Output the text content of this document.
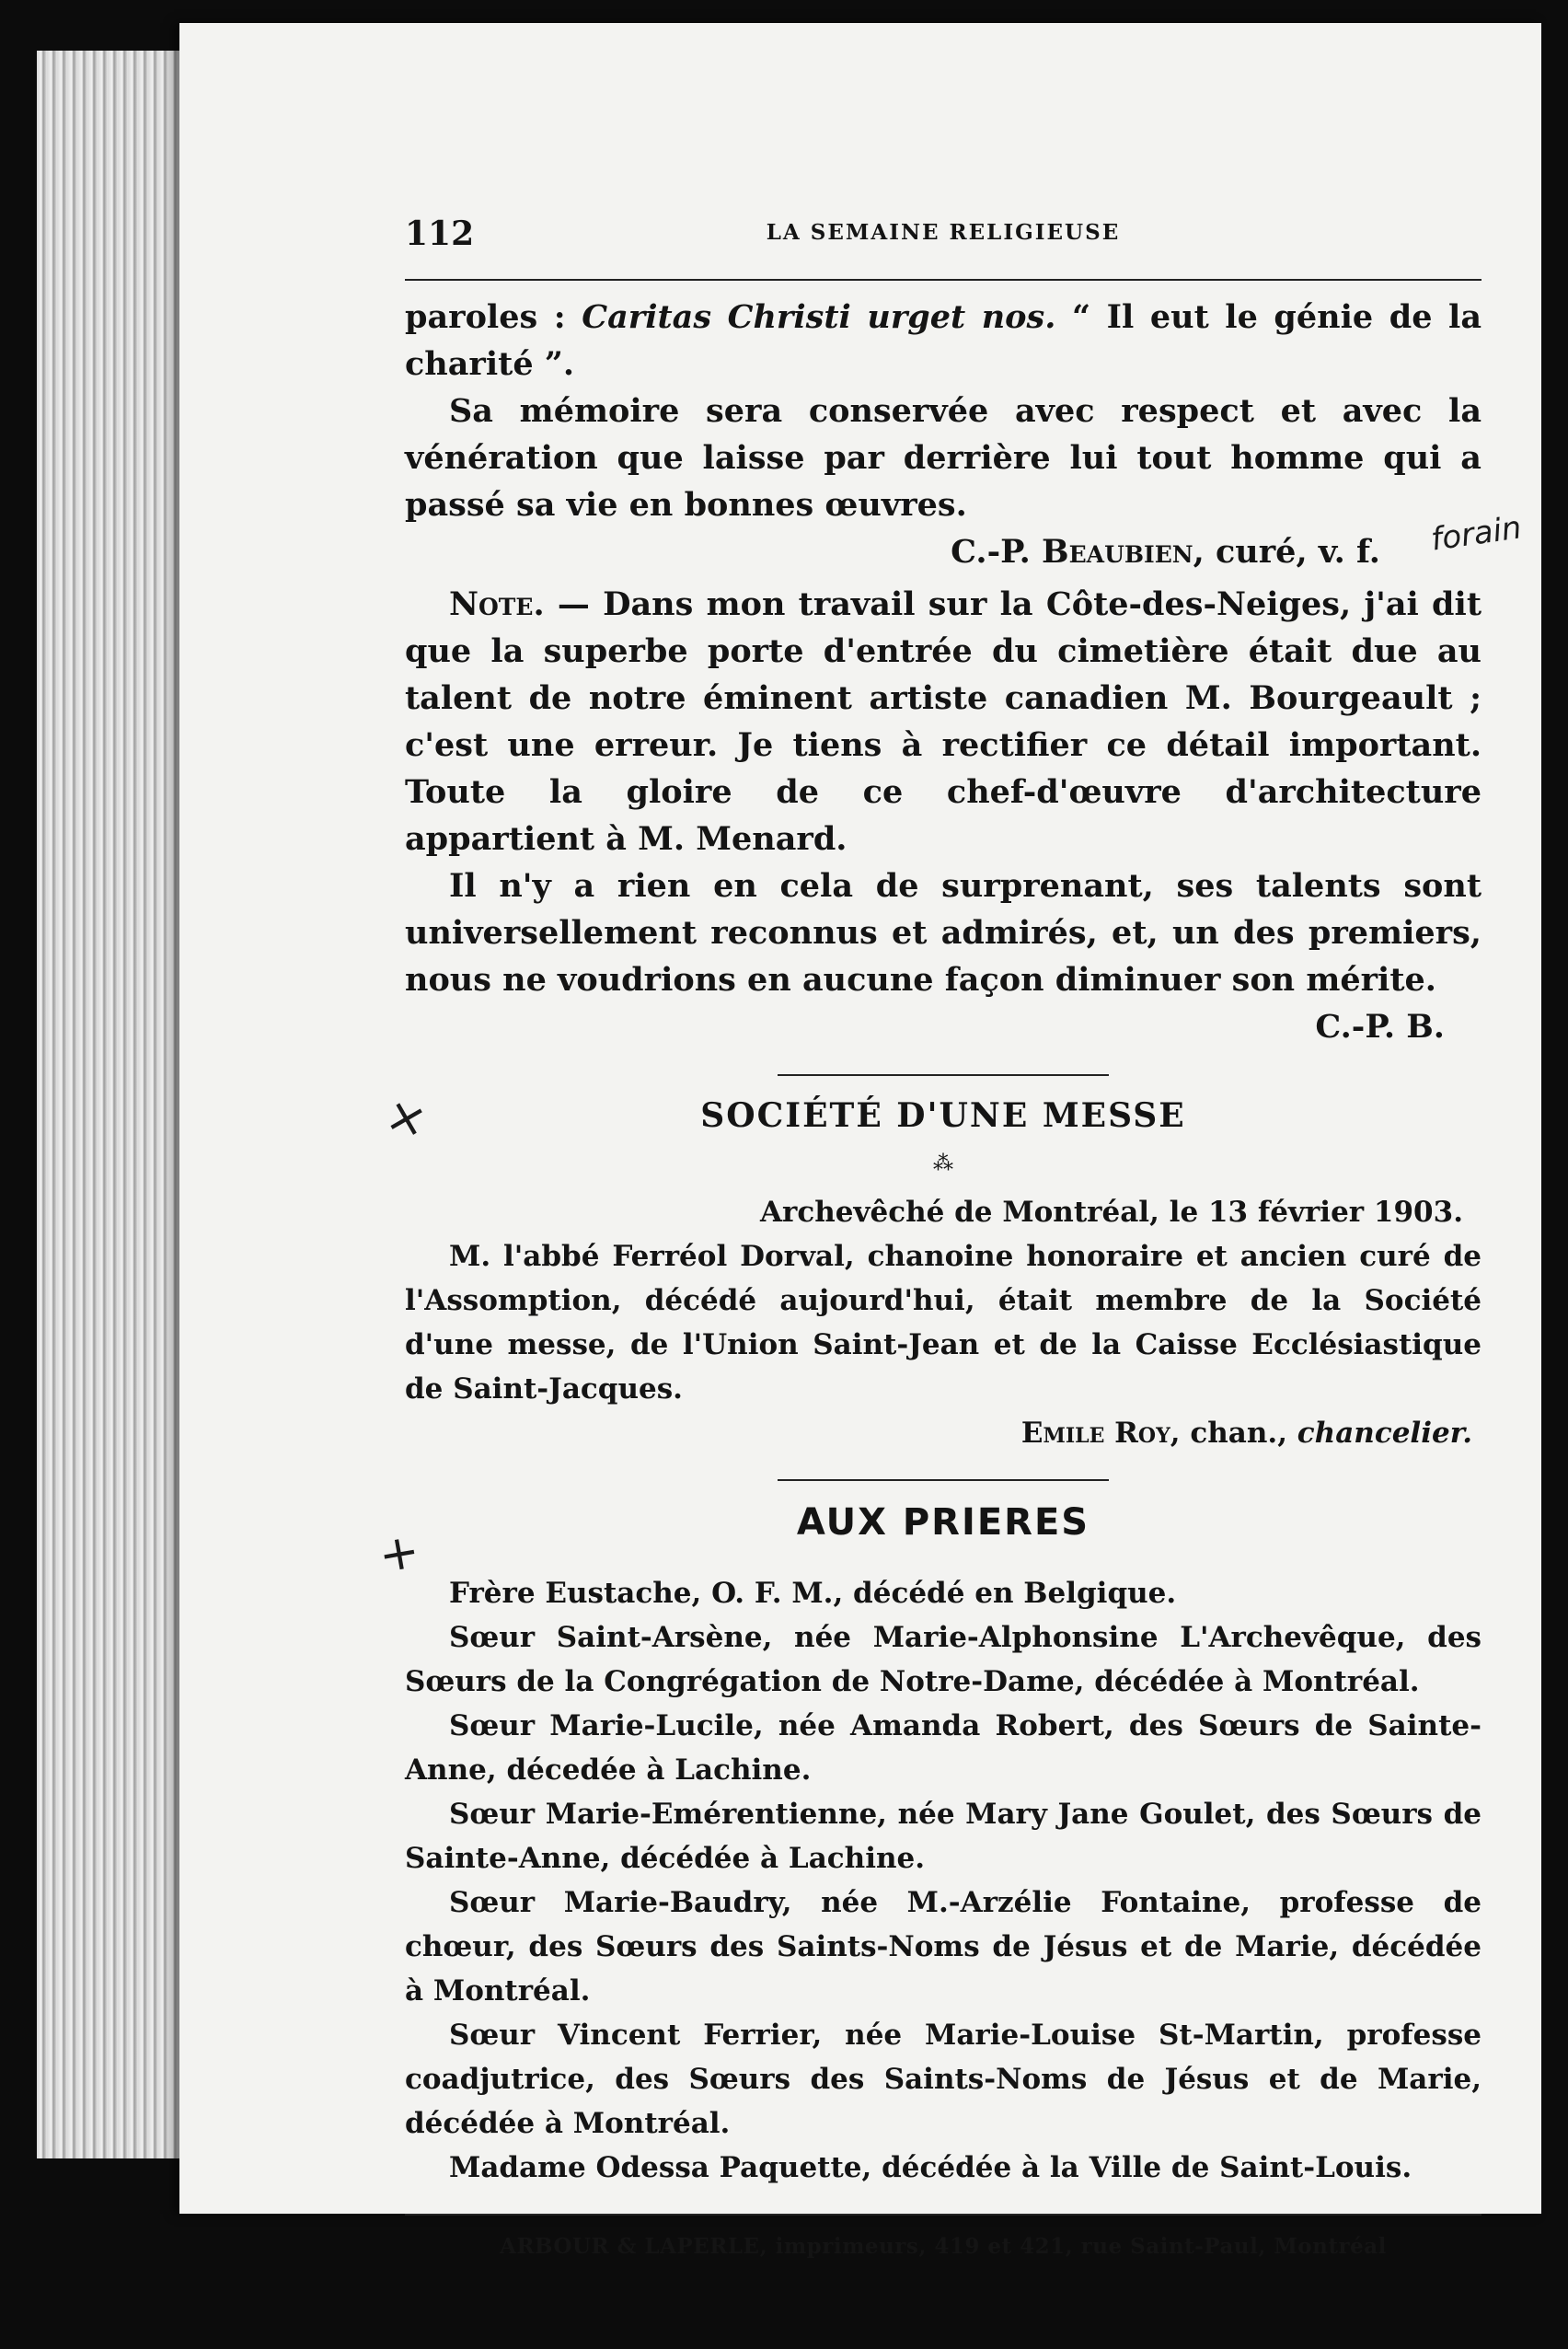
112	LA SEMAINE RELIGIEUSE

paroles : Caritas Christi urget nos. “ Il eut le génie de la charité ”.

Sa mémoire sera conservée avec respect et avec la vénération que laisse par derrière lui tout homme qui a passé sa vie en bonnes œuvres.

C.-P. Beaubien, curé, v. f.

Note. — Dans mon travail sur la Côte-des-Neiges, j'ai dit que la superbe porte d'entrée du cimetière était due au talent de notre éminent artiste canadien M. Bourgeault ; c'est une erreur. Je tiens à rectifier ce détail important. Toute la gloire de ce chef-d'œuvre d'architecture appartient à M. Menard.

Il n'y a rien en cela de surprenant, ses talents sont universellement reconnus et admirés, et, un des premiers, nous ne voudrions en aucune façon diminuer son mérite.

C.-P. B.

SOCIÉTÉ D'UNE MESSE
⁂

Archevêché de Montréal, le 13 février 1903.

M. l'abbé Ferréol Dorval, chanoine honoraire et ancien curé de l'Assomption, décédé aujourd'hui, était membre de la Société d'une messe, de l'Union Saint-Jean et de la Caisse Ecclésiastique de Saint-Jacques.

Emile Roy, chan., chancelier.

AUX PRIERES

Frère Eustache, O. F. M., décédé en Belgique.

Sœur Saint-Arsène, née Marie-Alphonsine L'Archevêque, des Sœurs de la Congrégation de Notre-Dame, décédée à Montréal.

Sœur Marie-Lucile, née Amanda Robert, des Sœurs de Sainte-Anne, décedée à Lachine.

Sœur Marie-Emérentienne, née Mary Jane Goulet, des Sœurs de Sainte-Anne, décédée à Lachine.

Sœur Marie-Baudry, née M.-Arzélie Fontaine, professe de chœur, des Sœurs des Saints-Noms de Jésus et de Marie, décédée à Montréal.

Sœur Vincent Ferrier, née Marie-Louise St-Martin, professe coadjutrice, des Sœurs des Saints-Noms de Jésus et de Marie, décédée à Montréal.

Madame Odessa Paquette, décédée à la Ville de Saint-Louis.

ARBOUR & LAPERLE, imprimeurs, 419 et 421, rue Saint-Paul, Montréal
forain
×
+
